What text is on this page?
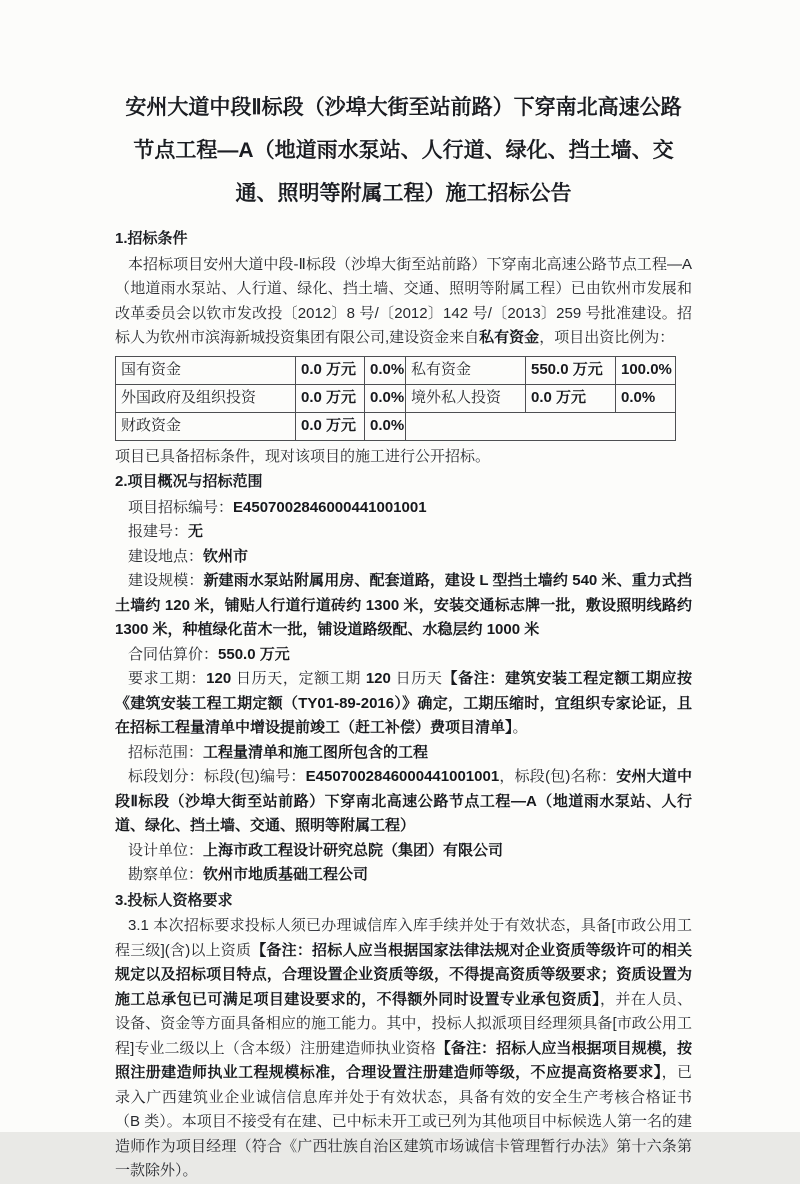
安州大道中段Ⅱ标段（沙埠大街至站前路）下穿南北高速公路节点工程—A（地道雨水泵站、人行道、绿化、挡土墙、交通、照明等附属工程）施工招标公告
1.招标条件

本招标项目安州大道中段-Ⅱ标段（沙埠大街至站前路）下穿南北高速公路节点工程—A（地道雨水泵站、人行道、绿化、挡土墙、交通、照明等附属工程）已由钦州市发展和改革委员会以钦市发改投〔2012〕8 号/〔2012〕142 号/〔2013〕259 号批准建设。招标人为钦州市滨海新城投资集团有限公司,建设资金来自私有资金，项目出资比例为：

国有资金	0.0 万元	0.0%	私有资金	550.0 万元	100.0%
外国政府及组织投资	0.0 万元	0.0%	境外私人投资	0.0 万元	0.0%
财政资金	0.0 万元	0.0%			

项目已具备招标条件，现对该项目的施工进行公开招标。

2.项目概况与招标范围

项目招标编号：E4507002846000441001001

报建号：无

建设地点：钦州市

建设规模：新建雨水泵站附属用房、配套道路，建设 L 型挡土墙约 540 米、重力式挡土墙约 120 米，铺贴人行道行道砖约 1300 米，安装交通标志牌一批，敷设照明线路约 1300 米，种植绿化苗木一批，铺设道路级配、水稳层约 1000 米

合同估算价：550.0 万元

要求工期：120 日历天，定额工期 120 日历天【备注：建筑安装工程定额工期应按《建筑安装工程工期定额（TY01-89-2016）》确定，工期压缩时，宜组织专家论证，且在招标工程量清单中增设提前竣工（赶工补偿）费项目清单】。

招标范围：工程量清单和施工图所包含的工程

标段划分：标段(包)编号：E4507002846000441001001，标段(包)名称：安州大道中段Ⅱ标段（沙埠大街至站前路）下穿南北高速公路节点工程—A（地道雨水泵站、人行道、绿化、挡土墙、交通、照明等附属工程）

设计单位：上海市政工程设计研究总院（集团）有限公司

勘察单位：钦州市地质基础工程公司

3.投标人资格要求

3.1 本次招标要求投标人须已办理诚信库入库手续并处于有效状态，具备[市政公用工程三级](含)以上资质【备注：招标人应当根据国家法律法规对企业资质等级许可的相关规定以及招标项目特点，合理设置企业资质等级，不得提高资质等级要求；资质设置为施工总承包已可满足项目建设要求的，不得额外同时设置专业承包资质】，并在人员、设备、资金等方面具备相应的施工能力。其中，投标人拟派项目经理须具备[市政公用工程]专业二级以上（含本级）注册建造师执业资格【备注：招标人应当根据项目规模，按照注册建造师执业工程规模标准，合理设置注册建造师等级，不应提高资格要求】，已录入广西建筑业企业诚信信息库并处于有效状态，具备有效的安全生产考核合格证书（B 类）。本项目不接受有在建、已中标未开工或已列为其他项目中标候选人第一名的建造师作为项目经理（符合《广西壮族自治区建筑市场诚信卡管理暂行办法》第十六条第一款除外）。
